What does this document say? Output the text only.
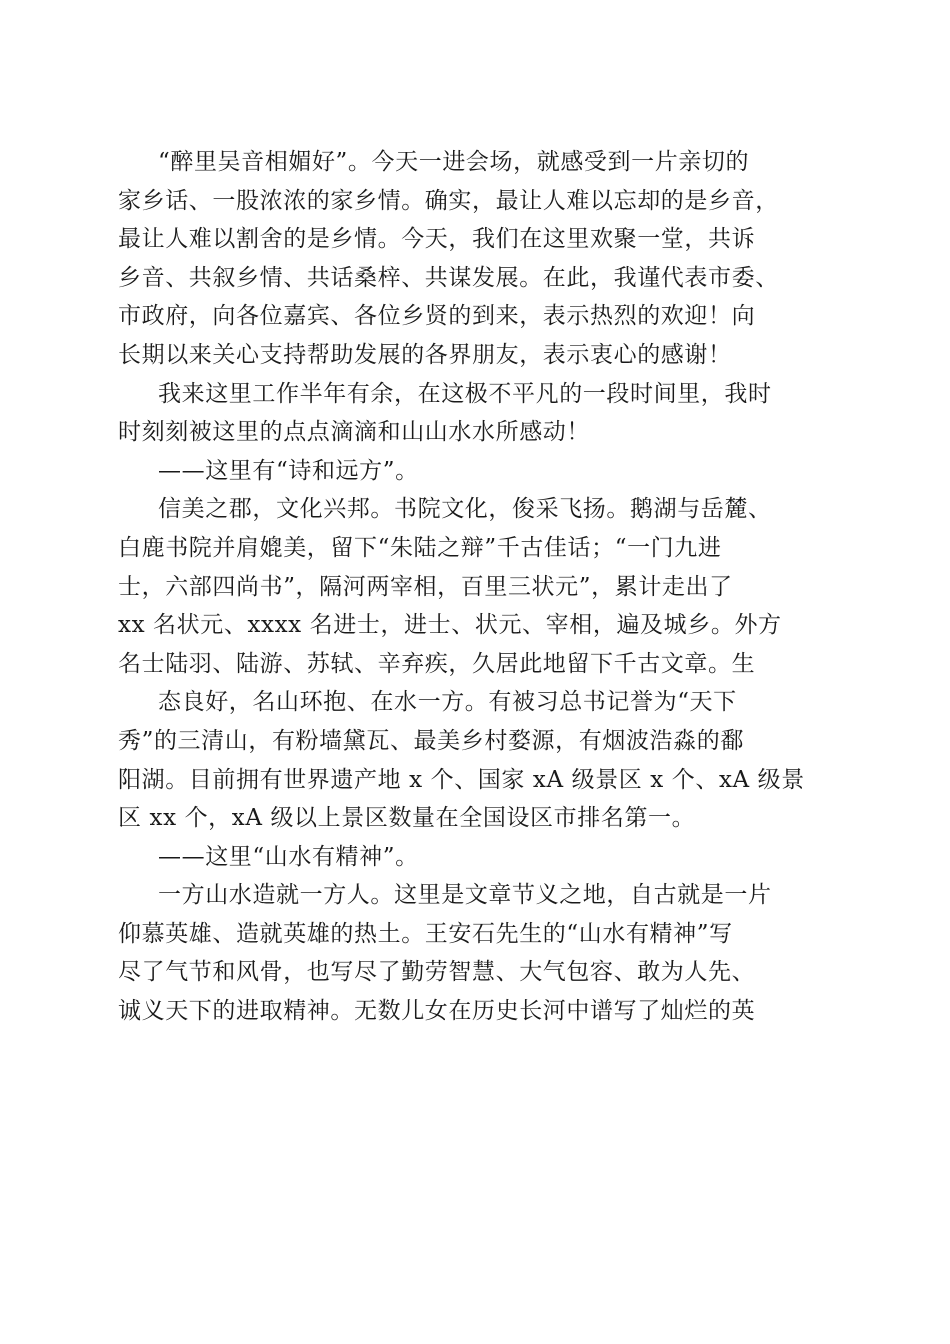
“醉里吴音相媚好”。今天一进会场，就感受到一片亲切的
家乡话、一股浓浓的家乡情。确实，最让人难以忘却的是乡音，
最让人难以割舍的是乡情。今天，我们在这里欢聚一堂，共诉
乡音、共叙乡情、共话桑梓、共谋发展。在此，我谨代表市委、
市政府，向各位嘉宾、各位乡贤的到来，表示热烈的欢迎！向
长期以来关心支持帮助发展的各界朋友，表示衷心的感谢！
我来这里工作半年有余，在这极不平凡的一段时间里，我时
时刻刻被这里的点点滴滴和山山水水所感动！
——这里有“诗和远方”。
信美之郡，文化兴邦。书院文化，俊采飞扬。鹅湖与岳麓、
白鹿书院并肩媲美，留下“朱陆之辩”千古佳话；“一门九进
士，六部四尚书”，隔河两宰相，百里三状元”，累计走出了
xx 名状元、xxxx 名进士，进士、状元、宰相，遍及城乡。外方
名士陆羽、陆游、苏轼、辛弃疾，久居此地留下千古文章。生
态良好，名山环抱、在水一方。有被习总书记誉为“天下
秀”的三清山，有粉墙黛瓦、最美乡村婺源，有烟波浩淼的鄱
阳湖。目前拥有世界遗产地 x 个、国家 xA 级景区 x 个、xA 级景
区 xx 个，xA 级以上景区数量在全国设区市排名第一。
——这里“山水有精神”。
一方山水造就一方人。这里是文章节义之地，自古就是一片
仰慕英雄、造就英雄的热土。王安石先生的“山水有精神”写
尽了气节和风骨，也写尽了勤劳智慧、大气包容、敢为人先、
诚义天下的进取精神。无数儿女在历史长河中谱写了灿烂的英
